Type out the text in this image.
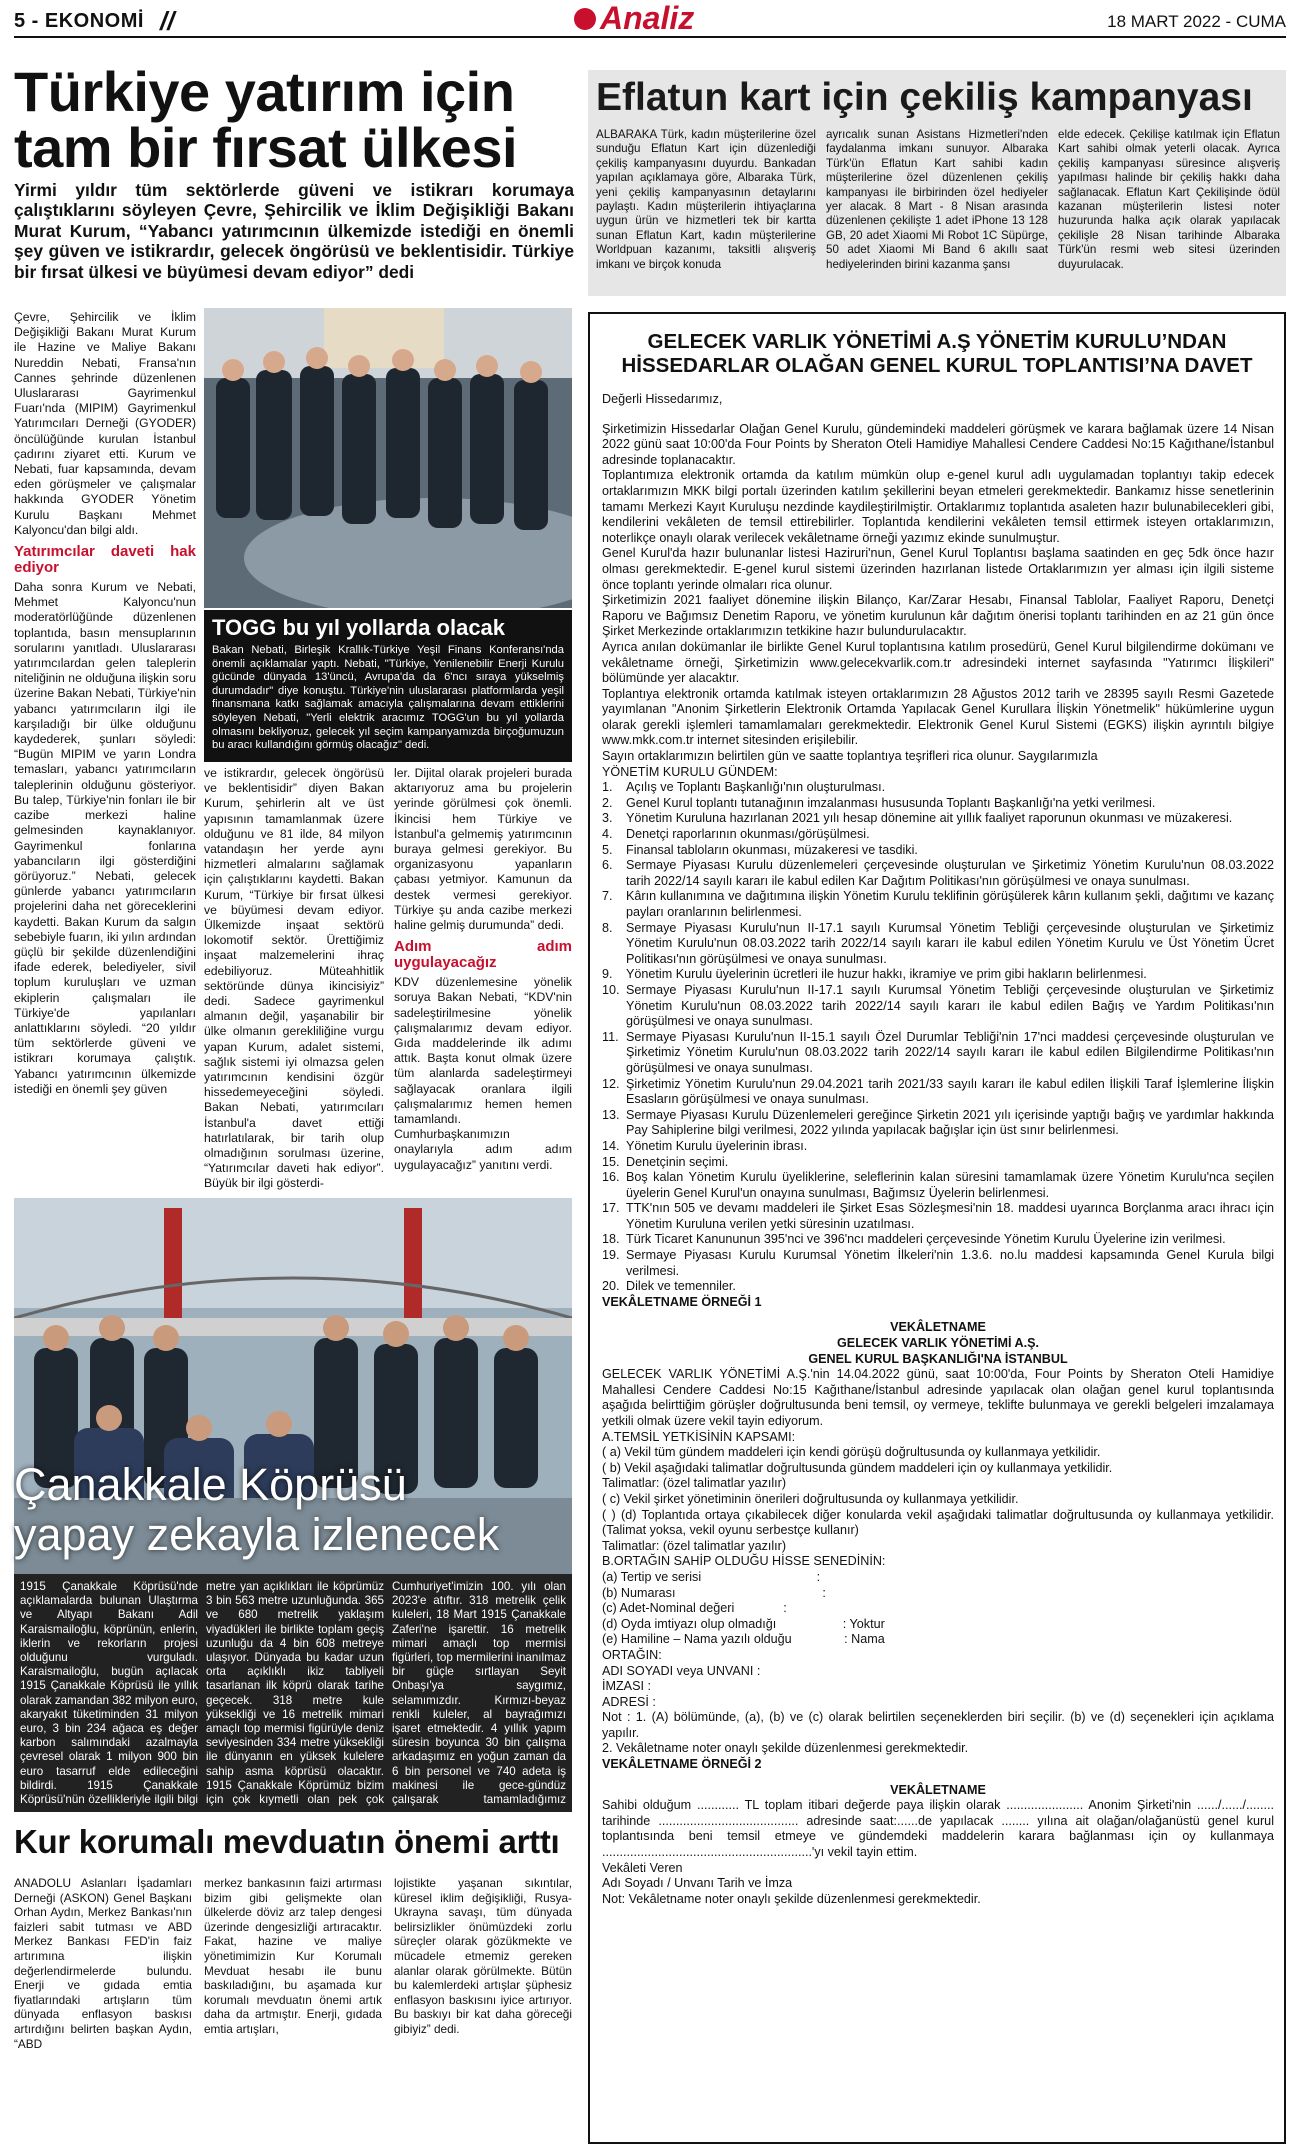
5 - EKONOMİ //	Analiz	18 MART 2022 - CUMA
Türkiye yatırım için tam bir fırsat ülkesi
Yirmi yıldır tüm sektörlerde güveni ve istikrarı korumaya çalıştıklarını söyleyen Çevre, Şehircilik ve İklim Değişikliği Bakanı Murat Kurum, “Yabancı yatırımcının ülkemizde istediği en önemli şey güven ve istikrardır, gelecek öngörüsü ve beklentisidir. Türkiye bir fırsat ülkesi ve büyümesi devam ediyor” dedi

Çevre, Şehircilik ve İklim Değişikliği Bakanı Murat Kurum ile Hazine ve Maliye Bakanı Nureddin Nebati, Fransa'nın Cannes şehrinde düzenlenen Uluslararası Gayrimenkul Fuarı'nda (MIPIM) Gayrimenkul Yatırımcıları Derneği (GYODER) öncülüğünde kurulan İstanbul çadırını ziyaret etti. Kurum ve Nebati, fuar kapsamında, devam eden görüşmeler ve çalışmalar hakkında GYODER Yönetim Kurulu Başkanı Mehmet Kalyoncu'dan bilgi aldı.

Yatırımcılar daveti hak ediyor

Daha sonra Kurum ve Nebati, Mehmet Kalyoncu'nun moderatörlüğünde düzenlenen toplantıda, basın mensuplarının sorularını yanıtladı. Uluslararası yatırımcılardan gelen taleplerin niteliğinin ne olduğuna ilişkin soru üzerine Bakan Nebati, Türkiye'nin yabancı yatırımcıların ilgi ile karşıladığı bir ülke olduğunu kaydederek, şunları söyledi: “Bugün MIPIM ve yarın Londra temasları, yabancı yatırımcıların taleplerinin olduğunu gösteriyor. Bu talep, Türkiye'nin fonları ile bir cazibe merkezi haline gelmesinden kaynaklanıyor. Gayrimenkul fonlarına yabancıların ilgi gösterdiğini görüyoruz.” Nebati, gelecek günlerde yabancı yatırımcıların projelerini daha net göreceklerini kaydetti. Bakan Kurum da salgın sebebiyle fuarın, iki yılın ardından güçlü bir şekilde düzenlendiğini ifade ederek, belediyeler, sivil toplum kuruluşları ve uzman ekiplerin çalışmaları ile Türkiye'de yapılanları anlattıklarını söyledi. “20 yıldır tüm sektörlerde güveni ve istikrarı korumaya çalıştık. Yabancı yatırımcının ülkemizde istediği en önemli şey güven

TOGG bu yıl yollarda olacak
Bakan Nebati, Birleşik Krallık-Türkiye Yeşil Finans Konferansı'nda önemli açıklamalar yaptı. Nebati, "Türkiye, Yenilenebilir Enerji Kurulu gücünde dünyada 13'üncü, Avrupa'da da 6'ncı sıraya yükselmiş durumdadır" diye konuştu. Türkiye'nin uluslararası platformlarda yeşil finansmana katkı sağlamak amacıyla çalışmalarına devam ettiklerini söyleyen Nebati, "Yerli elektrik aracımız TOGG'un bu yıl yollarda olmasını bekliyoruz, gelecek yıl seçim kampanyamızda birçoğumuzun bu aracı kullandığını görmüş olacağız" dedi.

ve istikrardır, gelecek öngörüsü ve beklentisidir” diyen Bakan Kurum, şehirlerin alt ve üst yapısının tamamlanmak üzere olduğunu ve 81 ilde, 84 milyon vatandaşın her yerde aynı hizmetleri almalarını sağlamak için çalıştıklarını kaydetti. Bakan Kurum, “Türkiye bir fırsat ülkesi ve büyümesi devam ediyor. Ülkemizde inşaat sektörü lokomotif sektör. Ürettiğimiz inşaat malzemelerini ihraç edebiliyoruz. Müteahhitlik sektöründe dünya ikincisiyiz” dedi. Sadece gayrimenkul almanın değil, yaşanabilir bir ülke olmanın gerekliliğine vurgu yapan Kurum, adalet sistemi, sağlık sistemi iyi olmazsa gelen yatırımcının kendisini özgür hissedemeyeceğini söyledi. Bakan Nebati, yatırımcıları İstanbul'a davet ettiği hatırlatılarak, bir tarih olup olmadığının sorulması üzerine, “Yatırımcılar daveti hak ediyor”. Büyük bir ilgi gösterdi-

ler. Dijital olarak projeleri burada aktarıyoruz ama bu projelerin yerinde görülmesi çok önemli. İkincisi hem Türkiye ve İstanbul'a gelmemiş yatırımcının buraya gelmesi gerekiyor. Bu organizasyonu yapanların çabası yetmiyor. Kamunun da destek vermesi gerekiyor. Türkiye şu anda cazibe merkezi haline gelmiş durumunda” dedi.

Adım adım uygulayacağız

KDV düzenlemesine yönelik soruya Bakan Nebati, “KDV'nin sadeleştirilmesine yönelik çalışmalarımız devam ediyor. Gıda maddelerinde ilk adımı attık. Başta konut olmak üzere tüm alanlarda sadeleştirmeyi sağlayacak oranlara ilgili çalışmalarımız hemen hemen tamamlandı. Cumhurbaşkanımızın onaylarıyla adım adım uygulayacağız” yanıtını verdi.

Eflatun kart için çekiliş kampanyası
ALBARAKA Türk, kadın müşterilerine özel sunduğu Eflatun Kart için düzenlediği çekiliş kampanyasını duyurdu. Bankadan yapılan açıklamaya göre, Albaraka Türk, yeni çekiliş kampanyasının detaylarını paylaştı. Kadın müşterilerin ihtiyaçlarına uygun ürün ve hizmetleri tek bir kartta sunan Eflatun Kart, kadın müşterilerine Worldpuan kazanımı, taksitli alışveriş imkanı ve birçok konuda
ayrıcalık sunan Asistans Hizmetleri'nden faydalanma imkanı sunuyor. Albaraka Türk'ün Eflatun Kart sahibi kadın müşterilerine özel düzenlenen çekiliş kampanyası ile birbirinden özel hediyeler yer alacak. 8 Mart - 8 Nisan arasında düzenlenen çekilişte 1 adet iPhone 13 128 GB, 20 adet Xiaomi Mi Robot 1C Süpürge, 50 adet Xiaomi Mi Band 6 akıllı saat hediyelerinden birini kazanma şansı
elde edecek. Çekilişe katılmak için Eflatun Kart sahibi olmak yeterli olacak. Ayrıca çekiliş kampanyası süresince alışveriş yapılması halinde bir çekiliş hakkı daha sağlanacak. Eflatun Kart Çekilişinde ödül kazanan müşterilerin listesi noter huzurunda halka açık olarak yapılacak çekilişle 28 Nisan tarihinde Albaraka Türk'ün resmi web sitesi üzerinden duyurulacak.
GELECEK VARLIK YÖNETİMİ A.Ş YÖNETİM KURULU’NDAN
HİSSEDARLAR OLAĞAN GENEL KURUL TOPLANTISI’NA DAVET

Değerli Hissedarımız,

Şirketimizin Hissedarlar Olağan Genel Kurulu, gündemindeki maddeleri görüşmek ve karara bağlamak üzere 14 Nisan 2022 günü saat 10:00'da Four Points by Sheraton Oteli Hamidiye Mahallesi Cendere Caddesi No:15 Kağıthane/İstanbul adresinde toplanacaktır.

Toplantımıza elektronik ortamda da katılım mümkün olup e-genel kurul adlı uygulamadan toplantıyı takip edecek ortaklarımızın MKK bilgi portalı üzerinden katılım şekillerini beyan etmeleri gerekmektedir. Bankamız hisse senetlerinin tamamı Merkezi Kayıt Kuruluşu nezdinde kaydileştirilmiştir. Ortaklarımız toplantıda asaleten hazır bulunabilecekleri gibi, kendilerini vekâleten de temsil ettirebilirler. Toplantıda kendilerini vekâleten temsil ettirmek isteyen ortaklarımızın, noterlikçe onaylı olarak verilecek vekâletname örneği yazımız ekinde sunulmuştur.

Genel Kurul'da hazır bulunanlar listesi Haziruri'nun, Genel Kurul Toplantısı başlama saatinden en geç 5dk önce hazır olması gerekmektedir. E-genel kurul sistemi üzerinden hazırlanan listede Ortaklarımızın yer alması için ilgili sisteme önce toplantı yerinde olmaları rica olunur.

Şirketimizin 2021 faaliyet dönemine ilişkin Bilanço, Kar/Zarar Hesabı, Finansal Tablolar, Faaliyet Raporu, Denetçi Raporu ve Bağımsız Denetim Raporu, ve yönetim kurulunun kâr dağıtım önerisi toplantı tarihinden en az 21 gün önce Şirket Merkezinde ortaklarımızın tetkikine hazır bulundurulacaktır.

Ayrıca anılan dokümanlar ile birlikte Genel Kurul toplantısına katılım prosedürü, Genel Kurul bilgilendirme dokümanı ve vekâletname örneği, Şirketimizin www.gelecekvarlik.com.tr adresindeki internet sayfasında "Yatırımcı İlişkileri" bölümünde yer alacaktır.

Toplantıya elektronik ortamda katılmak isteyen ortaklarımızın 28 Ağustos 2012 tarih ve 28395 sayılı Resmi Gazetede yayımlanan "Anonim Şirketlerin Elektronik Ortamda Yapılacak Genel Kurullara İlişkin Yönetmelik" hükümlerine uygun olarak gerekli işlemleri tamamlamaları gerekmektedir. Elektronik Genel Kurul Sistemi (EGKS) ilişkin ayrıntılı bilgiye www.mkk.com.tr internet sitesinden erişilebilir.

Sayın ortaklarımızın belirtilen gün ve saatte toplantıya teşrifleri rica olunur. Saygılarımızla

YÖNETİM KURULU GÜNDEM:

1.	Açılış ve Toplantı Başkanlığı'nın oluşturulması.
2.	Genel Kurul toplantı tutanağının imzalanması hususunda Toplantı Başkanlığı'na yetki verilmesi.
3.	Yönetim Kuruluna hazırlanan 2021 yılı hesap dönemine ait yıllık faaliyet raporunun okunması ve müzakeresi.
4.	Denetçi raporlarının okunması/görüşülmesi.
5.	Finansal tabloların okunması, müzakeresi ve tasdiki.
6.	Sermaye Piyasası Kurulu düzenlemeleri çerçevesinde oluşturulan ve Şirketimiz Yönetim Kurulu'nun 08.03.2022 tarih 2022/14 sayılı kararı ile kabul edilen Kar Dağıtım Politikası'nın görüşülmesi ve onaya sunulması.
7.	Kârın kullanımına ve dağıtımına ilişkin Yönetim Kurulu teklifinin görüşülerek kârın kullanım şekli, dağıtımı ve kazanç payları oranlarının belirlenmesi.
8.	Sermaye Piyasası Kurulu'nun II-17.1 sayılı Kurumsal Yönetim Tebliği çerçevesinde oluşturulan ve Şirketimiz Yönetim Kurulu'nun 08.03.2022 tarih 2022/14 sayılı kararı ile kabul edilen Yönetim Kurulu ve Üst Yönetim Ücret Politikası'nın görüşülmesi ve onaya sunulması.
9.	Yönetim Kurulu üyelerinin ücretleri ile huzur hakkı, ikramiye ve prim gibi hakların belirlenmesi.
10. Sermaye Piyasası Kurulu'nun II-17.1 sayılı Kurumsal Yönetim Tebliği çerçevesinde oluşturulan ve Şirketimiz Yönetim Kurulu'nun 08.03.2022 tarih 2022/14 sayılı kararı ile kabul edilen Bağış ve Yardım Politikası'nın görüşülmesi ve onaya sunulması.
11. Sermaye Piyasası Kurulu'nun II-15.1 sayılı Özel Durumlar Tebliği'nin 17'nci maddesi çerçevesinde oluşturulan ve Şirketimiz Yönetim Kurulu'nun 08.03.2022 tarih 2022/14 sayılı kararı ile kabul edilen Bilgilendirme Politikası'nın görüşülmesi ve onaya sunulması.
12. Şirketimiz Yönetim Kurulu'nun 29.04.2021 tarih 2021/33 sayılı kararı ile kabul edilen İlişkili Taraf İşlemlerine İlişkin Esasların görüşülmesi ve onaya sunulması.
13. Sermaye Piyasası Kurulu Düzenlemeleri gereğince Şirketin 2021 yılı içerisinde yaptığı bağış ve yardımlar hakkında Pay Sahiplerine bilgi verilmesi, 2022 yılında yapılacak bağışlar için üst sınır belirlenmesi.
14. Yönetim Kurulu üyelerinin ibrası.
15. Denetçinin seçimi.
16. Boş kalan Yönetim Kurulu üyeliklerine, seleflerinin kalan süresini tamamlamak üzere Yönetim Kurulu'nca seçilen üyelerin Genel Kurul'un onayına sunulması, Bağımsız Üyelerin belirlenmesi.
17. TTK'nın 505 ve devamı maddeleri ile Şirket Esas Sözleşmesi'nin 18. maddesi uyarınca Borçlanma aracı ihracı için Yönetim Kuruluna verilen yetki süresinin uzatılması.
18. Türk Ticaret Kanununun 395'nci ve 396'ncı maddeleri çerçevesinde Yönetim Kurulu Üyelerine izin verilmesi.
19. Sermaye Piyasası Kurulu Kurumsal Yönetim İlkeleri'nin 1.3.6. no.lu maddesi kapsamında Genel Kurula bilgi verilmesi.
20. Dilek ve temenniler.

VEKÂLETNAME ÖRNEĞİ 1

VEKÂLETNAME

GELECEK VARLIK YÖNETİMİ A.Ş.

GENEL KURUL BAŞKANLIĞI'NA İSTANBUL

GELECEK VARLIK YÖNETİMİ A.Ş.'nin 14.04.2022 günü, saat 10:00'da, Four Points by Sheraton Oteli Hamidiye Mahallesi Cendere Caddesi No:15 Kağıthane/İstanbul adresinde yapılacak olan olağan genel kurul toplantısında aşağıda belirttiğim görüşler doğrultusunda beni temsil, oy vermeye, teklifte bulunmaya ve gerekli belgeleri imzalamaya yetkili olmak üzere vekil tayin ediyorum.

A.TEMSİL YETKİSİNİN KAPSAMI:
( a) Vekil tüm gündem maddeleri için kendi görüşü doğrultusunda oy kullanmaya yetkilidir.
( b) Vekil aşağıdaki talimatlar doğrultusunda gündem maddeleri için oy kullanmaya yetkilidir.
Talimatlar: (özel talimatlar yazılır)
( c) Vekil şirket yönetiminin önerileri doğrultusunda oy kullanmaya yetkilidir.
( ) (d) Toplantıda ortaya çıkabilecek diğer konularda vekil aşağıdaki talimatlar doğrultusunda oy kullanmaya yetkilidir. (Talimat yoksa, vekil oyunu serbestçe kullanır)
Talimatlar: (özel talimatlar yazılır)
B.ORTAĞIN SAHİP OLDUĞU HİSSE SENEDİNİN:
(a) Tertip ve serisi                                 :
(b) Numarası                                          :
(c) Adet-Nominal değeri              :
(d) Oyda imtiyazı olup olmadığı                   : Yoktur
(e) Hamiline – Nama yazılı olduğu               : Nama
ORTAĞIN:
ADI SOYADI veya UNVANI :
İMZASI :
ADRESİ :
Not : 1. (A) bölümünde, (a), (b) ve (c) olarak belirtilen seçeneklerden biri seçilir. (b) ve (d) seçenekleri için açıklama yapılır.
2. Vekâletname noter onaylı şekilde düzenlenmesi gerekmektedir.

VEKÂLETNAME ÖRNEĞİ 2

VEKÂLETNAME

Sahibi olduğum ............ TL toplam itibari değerde paya ilişkin olarak ...................... Anonim Şirketi'nin ....../....../........ tarihinde ........................................ adresinde saat:......de yapılacak ........ yılına ait olağan/olağanüstü genel kurul toplantısında beni temsil etmeye ve gündemdeki maddelerin karara bağlanması için oy kullanmaya ............................................................'yı vekil tayin ettim.
Vekâleti Veren
Adı Soyadı / Unvanı Tarih ve İmza
Not: Vekâletname noter onaylı şekilde düzenlenmesi gerekmektedir.
Çanakkale Köprüsü
yapay zekayla izlenecek
1915 Çanakkale Köprüsü'nde açıklamalarda bulunan Ulaştırma ve Altyapı Bakanı Adil Karaismailoğlu, köprünün, enlerin, iklerin ve rekorların projesi olduğunu vurguladı. Karaismailoğlu, bugün açılacak 1915 Çanakkale Köprüsü ile yıllık olarak zamandan 382 milyon euro, akaryakıt tüketiminden 31 milyon euro, 3 bin 234 ağaca eş değer karbon salımındaki azalmayla çevresel olarak 1 milyon 900 bin euro tasarruf elde edileceğini bildirdi. 1915 Çanakkale Köprüsü'nün özellikleriyle ilgili bilgi
metre yan açıklıkları ile köprümüz 3 bin 563 metre uzunluğunda. 365 ve 680 metrelik yaklaşım viyadükleri ile birlikte toplam geçiş uzunluğu da 4 bin 608 metreye ulaşıyor. Dünyada bu kadar uzun orta açıklıklı ikiz tabliyeli tasarlanan ilk köprü olarak tarihe geçecek. 318 metre kule yüksekliği ve 16 metrelik mimari amaçlı top mermisi figürüyle deniz seviyesinden 334 metre yüksekliği ile dünyanın en yüksek kulelere sahip asma köprüsü olacaktır. 1915 Çanakkale Köprümüz bizim için çok kıymetli olan pek çok
Cumhuriyet'imizin 100. yılı olan 2023'e atıftır. 318 metrelik çelik kuleleri, 18 Mart 1915 Çanakkale Zaferi'ne işarettir. 16 metrelik mimari amaçlı top mermisi figürleri, top mermilerini inanılmaz bir güçle sırtlayan Seyit Onbaşı'ya saygımız, selamımızdır. Kırmızı-beyaz renkli kuleler, al bayrağımızı işaret etmektedir. 4 yıllık yapım süresin boyunca 30 bin çalışma arkadaşımız en yoğun zaman da 6 bin personel ve 740 adeta iş makinesi ile gece-gündüz çalışarak tamamladığımız
Kur korumalı mevduatın önemi arttı
ANADOLU Aslanları İşadamları Derneği (ASKON) Genel Başkanı Orhan Aydın, Merkez Bankası'nın faizleri sabit tutması ve ABD Merkez Bankası FED'in faiz artırımına ilişkin değerlendirmelerde bulundu. Enerji ve gıdada emtia fiyatlarındaki artışların tüm dünyada enflasyon baskısı artırdığını belirten başkan Aydın, “ABD
merkez bankasının faizi artırması bizim gibi gelişmekte olan ülkelerde döviz arz talep dengesi üzerinde dengesizliği artıracaktır. Fakat, hazine ve maliye yönetimimizin Kur Korumalı Mevduat hesabı ile bunu baskıladığını, bu aşamada kur korumalı mevduatın önemi artık daha da artmıştır. Enerji, gıdada emtia artışları,
lojistikte yaşanan sıkıntılar, küresel iklim değişikliği, Rusya-Ukrayna savaşı, tüm dünyada belirsizlikler önümüzdeki zorlu süreçler olarak gözükmekte ve mücadele etmemiz gereken alanlar olarak görülmekte. Bütün bu kalemlerdeki artışlar şüphesiz enflasyon baskısını iyice artırıyor. Bu baskıyı bir kat daha göreceği gibiyiz” dedi.
